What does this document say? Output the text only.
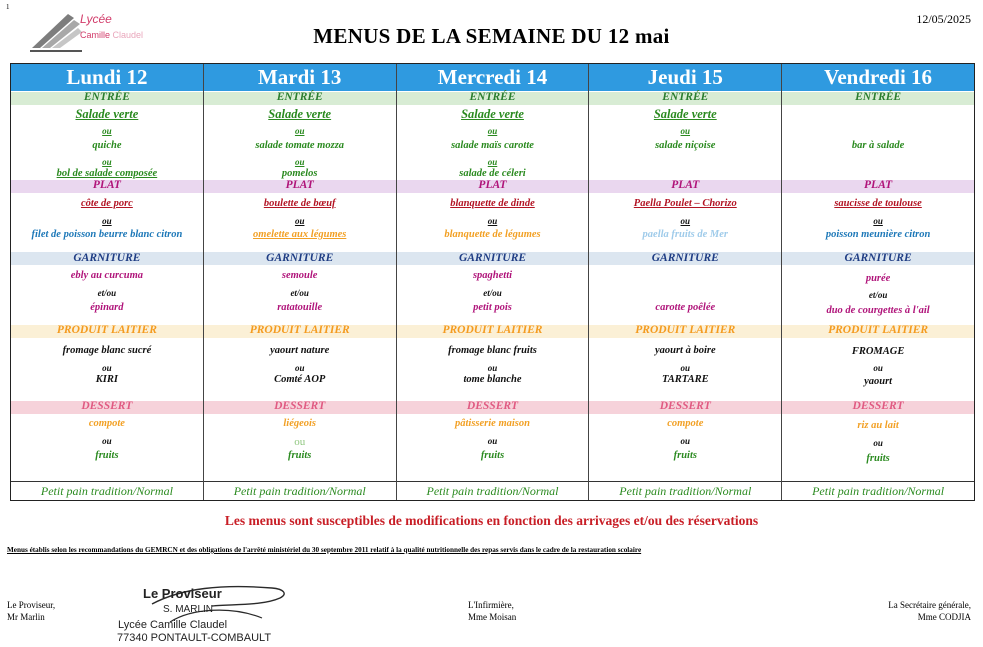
1
Lycée
Camille Claudel
12/05/2025
MENUS DE LA SEMAINE DU 12 mai
Lundi 12
ENTRÉE
Salade verte
ou
quiche
ou
bol de salade composée
PLAT
côte de porc
ou
filet de poisson beurre blanc citron
GARNITURE
ebly au curcuma
et/ou
épinard
PRODUIT LAITIER
fromage blanc sucré
ou
KIRI
DESSERT
compote
ou
fruits
Petit pain tradition/Normal
Mardi 13
ENTRÉE
Salade verte
ou
salade tomate mozza
ou
pomelos
PLAT
boulette de bœuf
ou
omelette aux légumes
GARNITURE
semoule
et/ou
ratatouille
PRODUIT LAITIER
yaourt nature
ou
Comté AOP
DESSERT
liégeois
ou
fruits
Petit pain tradition/Normal
Mercredi 14
ENTRÉE
Salade verte
ou
salade maïs carotte
ou
salade de céleri
PLAT
blanquette de dinde
ou
blanquette de légumes
GARNITURE
spaghetti
et/ou
petit pois
PRODUIT LAITIER
fromage blanc fruits
ou
tome blanche
DESSERT
pâtisserie maison
ou
fruits
Petit pain tradition/Normal
Jeudi 15
ENTRÉE
Salade verte
ou
salade niçoise
PLAT
Paella Poulet – Chorizo
ou
paella fruits de Mer
GARNITURE
carotte poêlée
PRODUIT LAITIER
yaourt à boire
ou
TARTARE
DESSERT
compote
ou
fruits
Petit pain tradition/Normal
Vendredi 16
ENTRÉE
bar à salade
PLAT
saucisse de toulouse
ou
poisson meunière citron
GARNITURE
purée
et/ou
duo de courgettes à l'ail
PRODUIT LAITIER
FROMAGE
ou
yaourt
DESSERT
riz au lait
ou
fruits
Petit pain tradition/Normal
Les menus sont susceptibles de modifications en fonction des arrivages et/ou des réservations
Menus établis selon les recommandations du GEMRCN et des obligations de l'arrêté ministériel du 30 septembre 2011 relatif à la qualité nutritionnelle des repas servis dans le cadre de la restauration scolaire
Le Proviseur,
Mr Marlin
Le Proviseur
S. MARLIN
Lycée Camille Claudel
77340 PONTAULT-COMBAULT
L'Infirmière,
Mme Moisan
La Secrétaire générale,
Mme CODJIA
